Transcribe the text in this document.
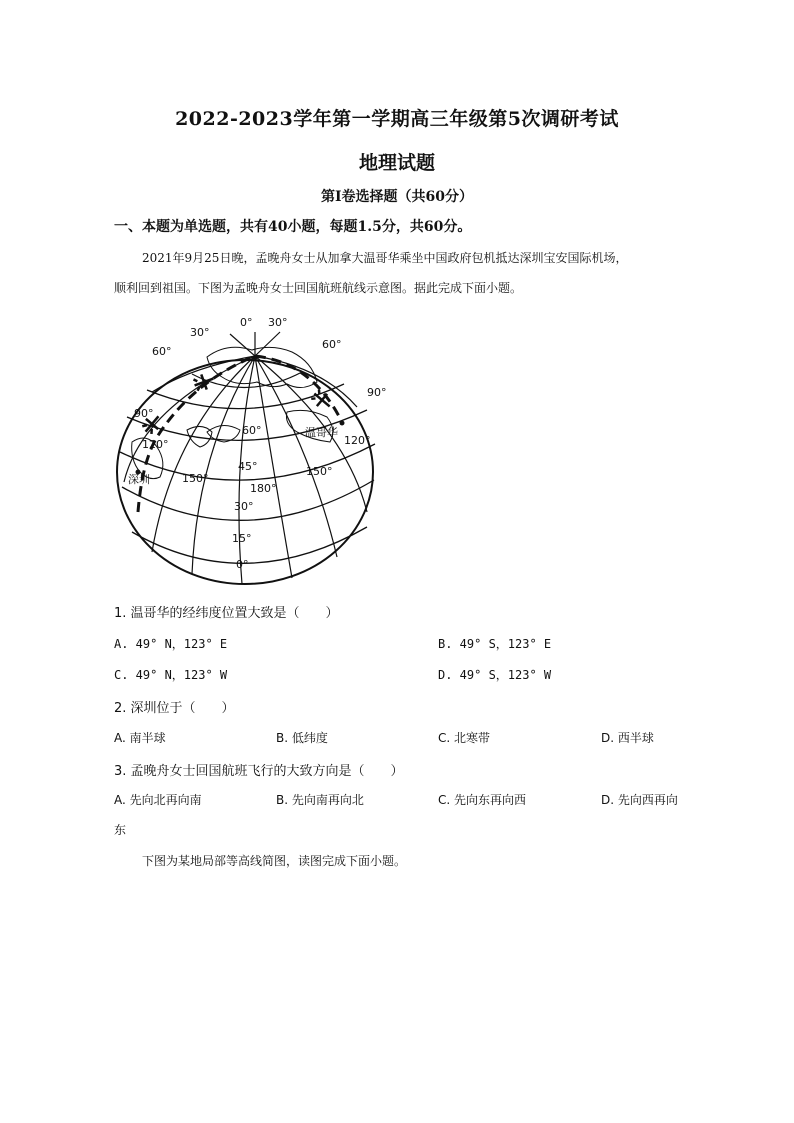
2022-2023学年第一学期高三年级第5次调研考试
地理试题
第Ⅰ卷选择题（共60分）
一、本题为单选题，共有40小题，每题1.5分，共60分。
2021年9月25日晚，孟晚舟女士从加拿大温哥华乘坐中国政府包机抵达深圳宝安国际机场，
顺利回到祖国。下图为孟晚舟女士回国航班航线示意图。据此完成下面小题。
0°
30°
30°
60°
60°
90°
90°
120°	120°
150°
150°
180°
60°
45°
30°
15°
0°
温哥华
深圳
1. 温哥华的经纬度位置大致是（　　）
A. 49° N，123° E	B. 49° S，123° E
C. 49° N，123° W	D. 49° S，123° W
2. 深圳位于（　　）
A. 南半球	B. 低纬度	C. 北寒带	D. 西半球
3. 孟晚舟女士回国航班飞行的大致方向是（　　）
A. 先向北再向南	B. 先向南再向北	C. 先向东再向西	D. 先向西再向
东
下图为某地局部等高线简图，读图完成下面小题。
